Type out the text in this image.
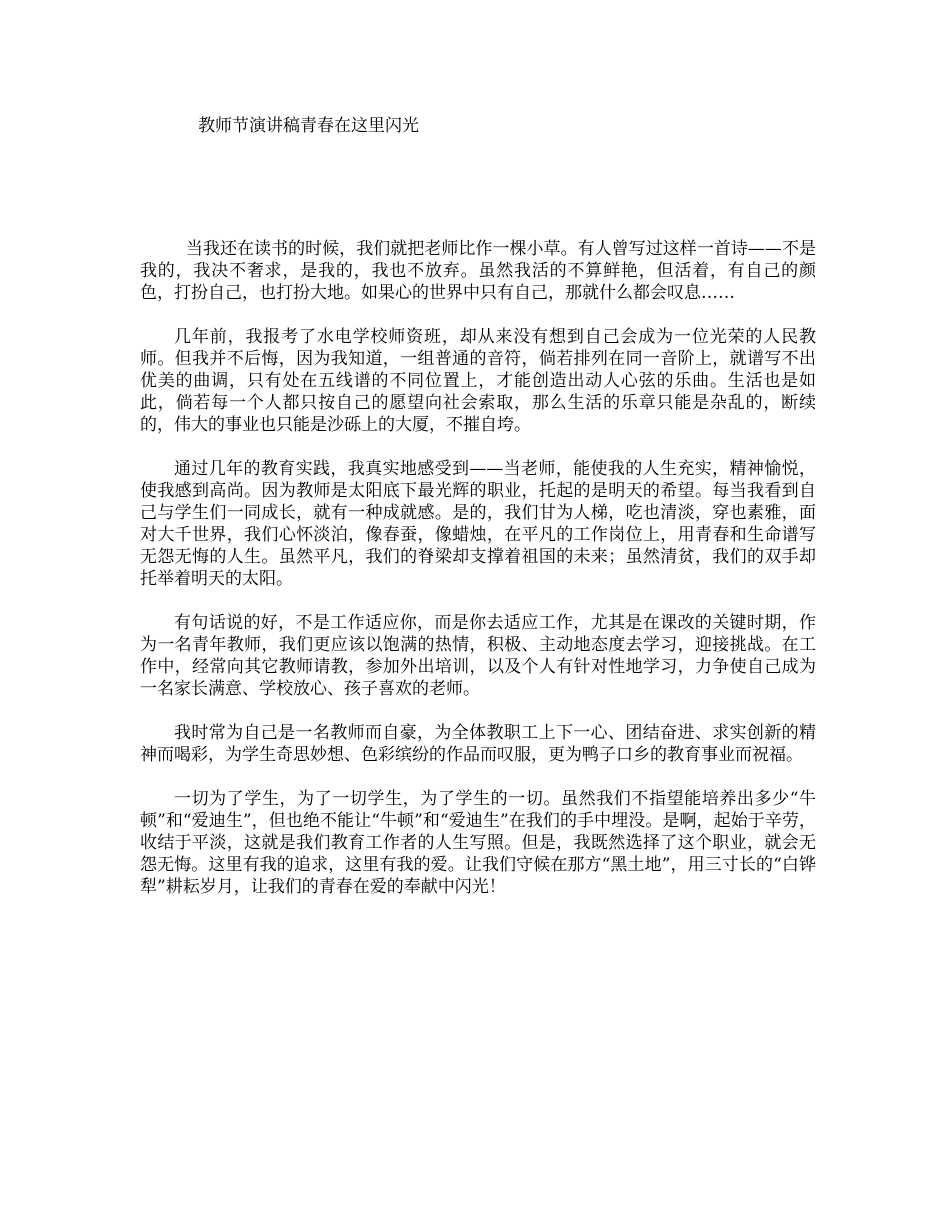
教师节演讲稿青春在这里闪光

当我还在读书的时候，我们就把老师比作一棵小草。有人曾写过这样一首诗——不是我的，我决不奢求，是我的，我也不放弃。虽然我活的不算鲜艳，但活着，有自己的颜色，打扮自己，也打扮大地。如果心的世界中只有自己，那就什么都会叹息……

几年前，我报考了水电学校师资班，却从来没有想到自己会成为一位光荣的人民教师。但我并不后悔，因为我知道，一组普通的音符，倘若排列在同一音阶上，就谱写不出优美的曲调，只有处在五线谱的不同位置上，才能创造出动人心弦的乐曲。生活也是如此，倘若每一个人都只按自己的愿望向社会索取，那么生活的乐章只能是杂乱的，断续的，伟大的事业也只能是沙砾上的大厦，不摧自垮。

通过几年的教育实践，我真实地感受到——当老师，能使我的人生充实，精神愉悦，使我感到高尚。因为教师是太阳底下最光辉的职业，托起的是明天的希望。每当我看到自己与学生们一同成长，就有一种成就感。是的，我们甘为人梯，吃也清淡，穿也素雅，面对大千世界，我们心怀淡泊，像春蚕，像蜡烛，在平凡的工作岗位上，用青春和生命谱写无怨无悔的人生。虽然平凡，我们的脊梁却支撑着祖国的未来；虽然清贫，我们的双手却托举着明天的太阳。

有句话说的好，不是工作适应你，而是你去适应工作，尤其是在课改的关键时期，作为一名青年教师，我们更应该以饱满的热情，积极、主动地态度去学习，迎接挑战。在工作中，经常向其它教师请教，参加外出培训，以及个人有针对性地学习，力争使自己成为一名家长满意、学校放心、孩子喜欢的老师。

我时常为自己是一名教师而自豪，为全体教职工上下一心、团结奋进、求实创新的精神而喝彩，为学生奇思妙想、色彩缤纷的作品而叹服，更为鸭子口乡的教育事业而祝福。

一切为了学生，为了一切学生，为了学生的一切。虽然我们不指望能培养出多少“牛顿”和“爱迪生”，但也绝不能让“牛顿”和“爱迪生”在我们的手中埋没。是啊，起始于辛劳，收结于平淡，这就是我们教育工作者的人生写照。但是，我既然选择了这个职业，就会无怨无悔。这里有我的追求，这里有我的爱。让我们守候在那方“黑土地”，用三寸长的“白铧犁”耕耘岁月，让我们的青春在爱的奉献中闪光！
